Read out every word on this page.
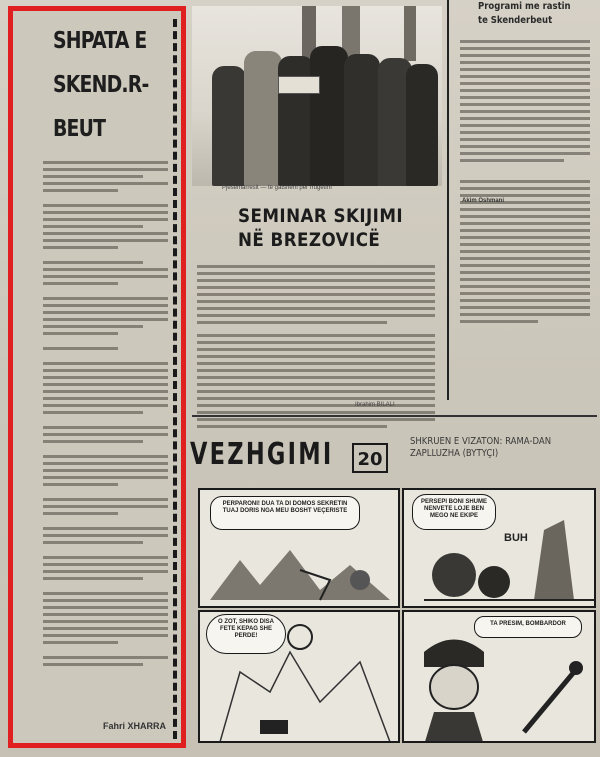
SHPATA E
SKEND.R-
BEUT
Fahri XHARRA
Pjesemarresit — te gatshem per rrugetim
SEMINAR SKIJIMI
NË BREZOVICË
Ibrahim BILALI
Programi me rastin
te Skenderbeut
Akim Oshmani
VEZHGIMI	20
SHKRUEN E VIZATON: RAMA-DAN ZAPLLUZHA (BYTYÇI)
PERPARONI! DUA TA DI DOMOS SEKRETIN TUAJ DORIS NGA MEU BOSHT VEÇERISTE
PERSEPI BONI SHUME NENVETE LOJE BEN MEGO NE EKIPE
BUH
O ZOT, SHIKO DISA FETE KEPAG SHE PERDE!
TA PRESIM, BOMBARDOR
